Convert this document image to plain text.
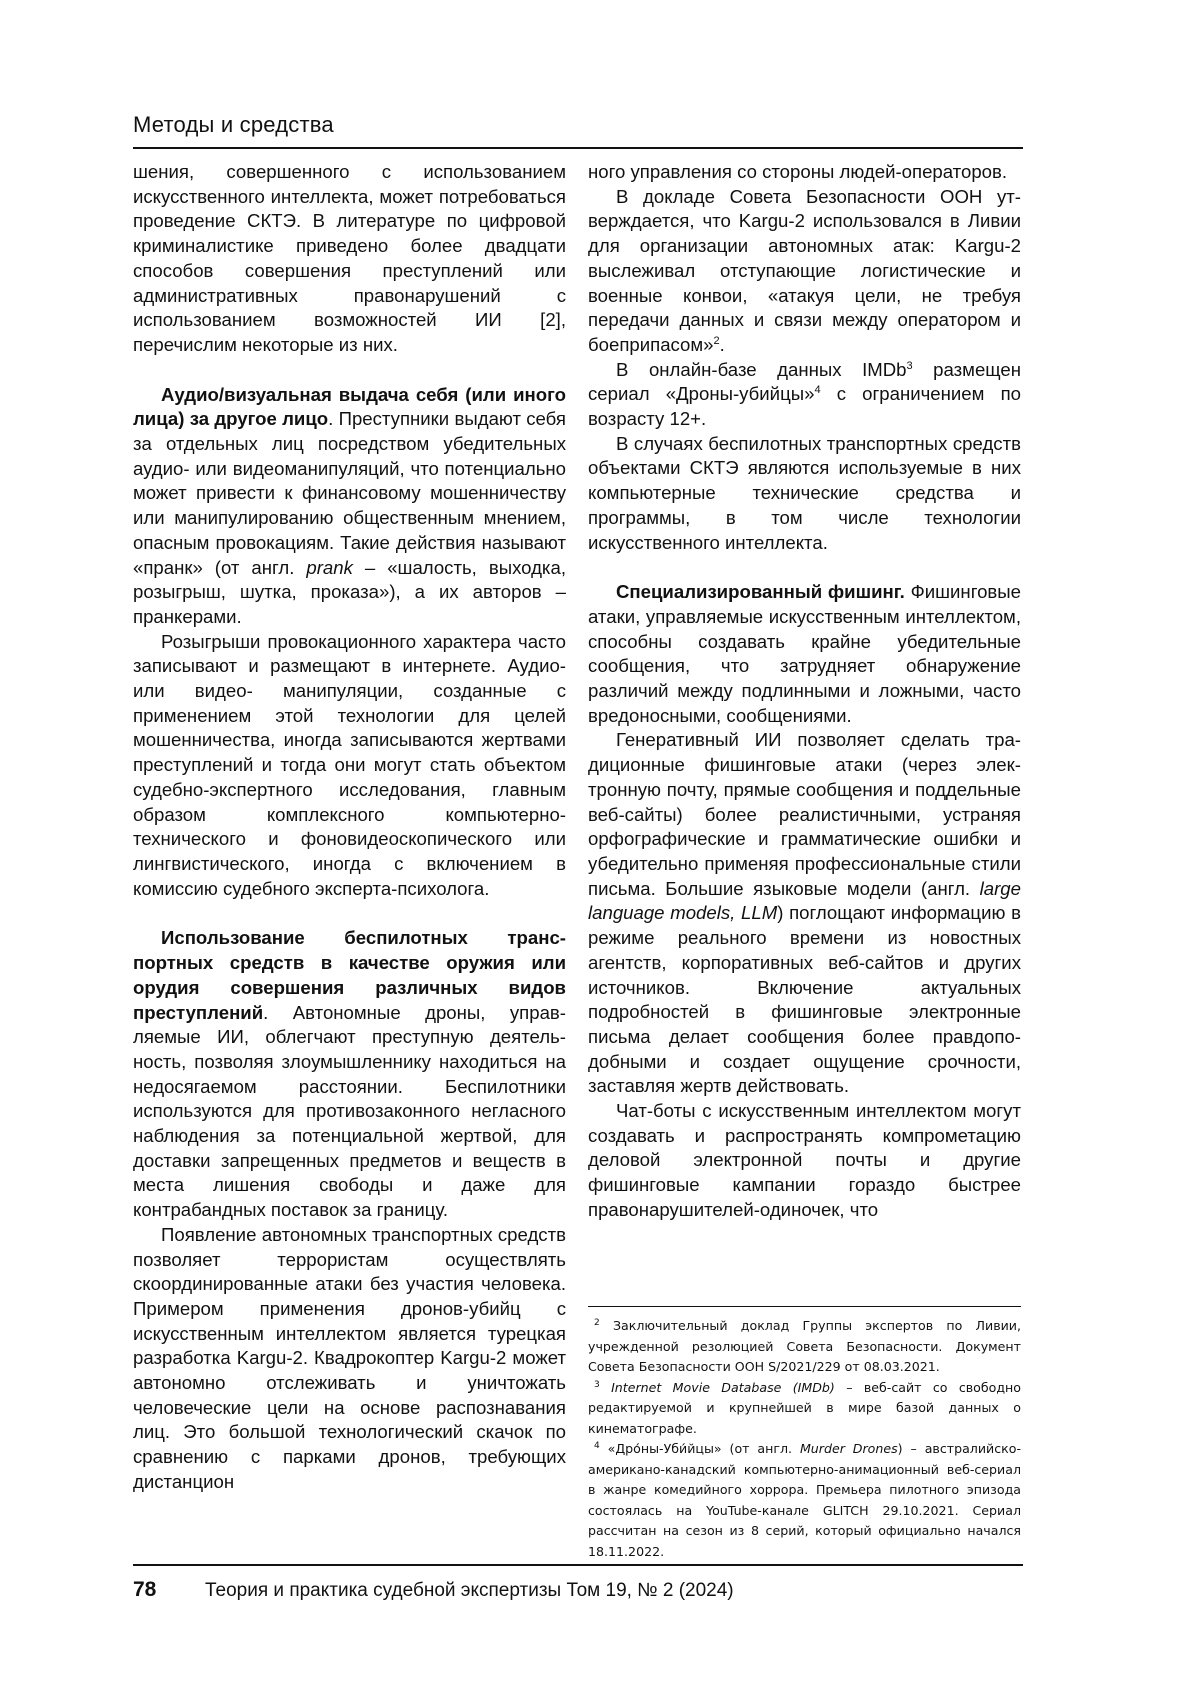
Методы и средства

шения, совершенного с использованием искусственного интеллекта, может потребоваться проведение СКТЭ. В литературе по цифровой криминалистике приведено более двадцати способов совершения преступлений или административных правонарушений с использованием возможностей ИИ [2], перечислим некоторые из них.

Аудио/визуальная выдача себя (или иного лица) за другое лицо. Преступники выдают себя за отдельных лиц посредством убедительных аудио- или видеоманипуляций, что потенциально может привести к финансовому мошенничеству или манипулированию общественным мнением, опасным провокациям. Такие действия называют «пранк» (от англ. prank – «шалость, выходка, розыгрыш, шутка, проказа»), а их авторов – пранкерами.

Розыгрыши провокационного характера часто записывают и размещают в интернете. Аудио- или видео- манипуляции, созданные с применением этой технологии для целей мошенничества, иногда записываются жертвами преступлений и тогда они могут стать объектом судебно-экспертного исследования, главным образом комплексного компьютерно-технического и фоновидеоскопического или лингвистического, иногда с включением в комиссию судебного эксперта-психолога.

Использование беспилотных транспортных средств в качестве оружия или орудия совершения различных видов преступлений. Автономные дроны, управляемые ИИ, облегчают преступную деятельность, позволяя злоумышленнику находиться на недосягаемом расстоянии. Беспилотники используются для противозаконного негласного наблюдения за потенциальной жертвой, для доставки запрещенных предметов и веществ в места лишения свободы и даже для контрабандных поставок за границу.

Появление автономных транспортных средств позволяет террористам осуществлять скоординированные атаки без участия человека. Примером применения дронов-убийц с искусственным интеллектом является турецкая разработка Kargu-2. Квадрокоптер Kargu-2 может автономно отслеживать и уничтожать человеческие цели на основе распознавания лиц. Это большой технологический скачок по сравнению с парками дронов, требующих дистанцион

ного управления со стороны людей-операторов.

В докладе Совета Безопасности ООН утверждается, что Kargu-2 использовался в Ливии для организации автономных атак: Kargu-2 выслеживал отступающие логистические и военные конвои, «атакуя цели, не требуя передачи данных и связи между оператором и боеприпасом»$^2$.

В онлайн-базе данных IMDb$^3$ размещен сериал «Дроны-убийцы»$^4$ с ограничением по возрасту 12+.

В случаях беспилотных транспортных средств объектами СКТЭ являются используемые в них компьютерные технические средства и программы, в том числе технологии искусственного интеллекта.

Специализированный фишинг. Фишинговые атаки, управляемые искусственным интеллектом, способны создавать крайне убедительные сообщения, что затрудняет обнаружение различий между подлинными и ложными, часто вредоносными, сообщениями.

Генеративный ИИ позволяет сделать традиционные фишинговые атаки (через электронную почту, прямые сообщения и поддельные веб-сайты) более реалистичными, устраняя орфографические и грамматические ошибки и убедительно применяя профессиональные стили письма. Большие языковые модели (англ. large language models, LLM) поглощают информацию в режиме реального времени из новостных агентств, корпоративных веб-сайтов и других источников. Включение актуальных подробностей в фишинговые электронные письма делает сообщения более правдоподобными и создает ощущение срочности, заставляя жертв действовать.

Чат-боты с искусственным интеллектом могут создавать и распространять компрометацию деловой электронной почты и другие фишинговые кампании гораздо быстрее правонарушителей-одиночек, что

$^2$ Заключительный доклад Группы экспертов по Ливии, учрежденной резолюцией Совета Безопасности. Документ Совета Безопасности ООН S/2021/229 от 08.03.2021.

$^3$ Internet Movie Database (IMDb) – веб-сайт со свободно редактируемой и крупнейшей в мире базой данных о кинематографе.

$^4$ «Дро́ны-Уби́йцы» (от англ. Murder Drones) – австралийско-американо-канадский компьютерно-анимационный веб-сериал в жанре комедийного хоррора. Премьера пилотного эпизода состоялась на YouTube-канале GLITCH 29.10.2021. Сериал рассчитан на сезон из 8 серий, который официально начался 18.11.2022.

78	Теория и практика судебной экспертизы Том 19, № 2 (2024)
